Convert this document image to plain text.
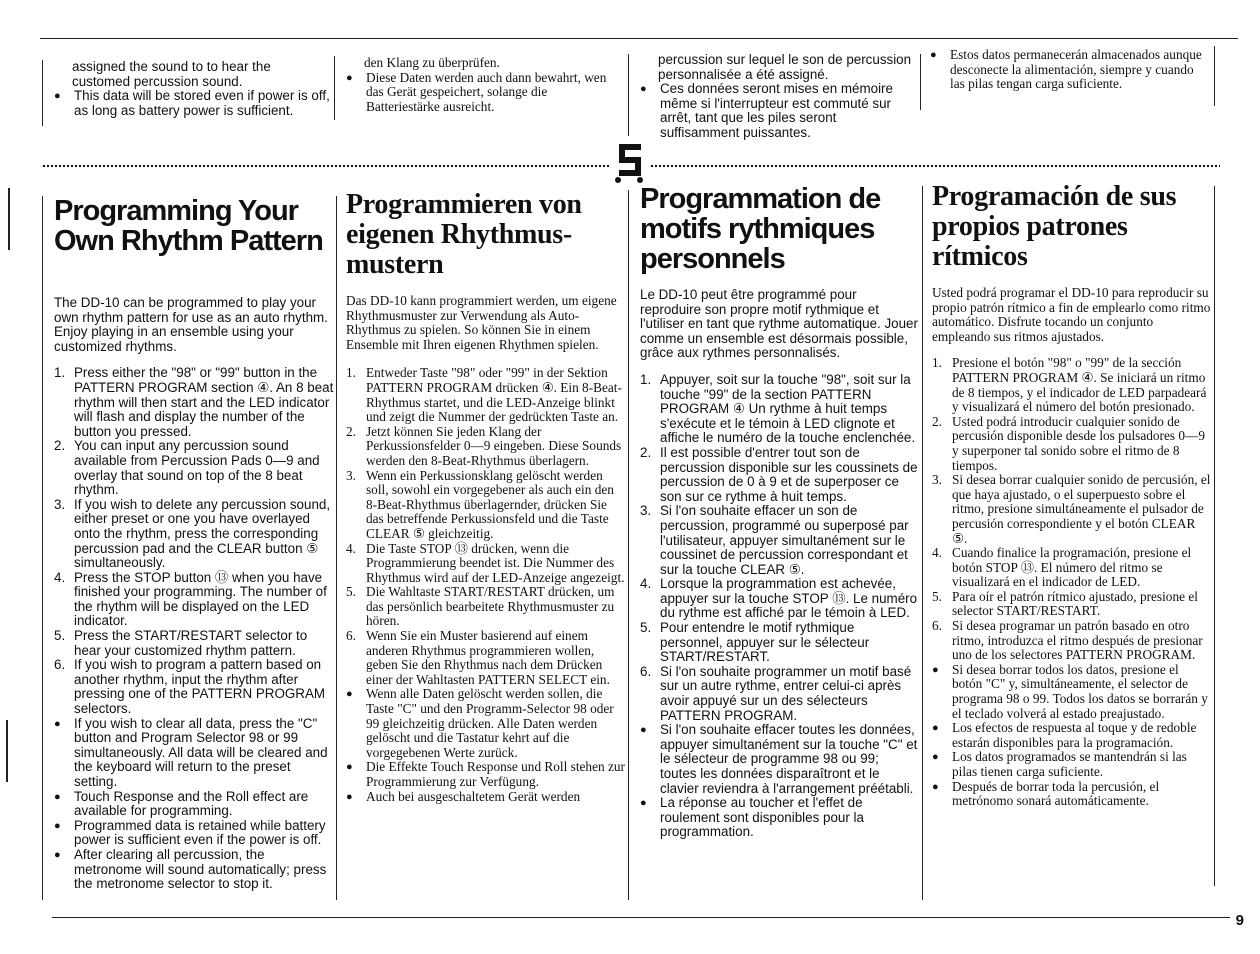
assigned the sound to to hear the customed percussion sound.

● This data will be stored even if power is off, as long as battery power is sufficient.

den Klang zu überprüfen.

● Diese Daten werden auch dann bewahrt, wen das Gerät gespeichert, solange die Batteriestärke ausreicht.

percussion sur lequel le son de percussion personnalisée a été assigné.

● Ces données seront mises en mémoire même si l'interrupteur est commuté sur arrêt, tant que les piles seront suffisamment puissantes.
● Estos datos permanecerán almacenados aunque desconecte la alimentación, siempre y cuando las pilas tengan carga suficiente.
Programming Your Own Rhythm Pattern

The DD-10 can be programmed to play your own rhythm pattern for use as an auto rhythm. Enjoy playing in an ensemble using your customized rhythms.

1. Press either the "98" or "99" button in the PATTERN PROGRAM section ④. An 8 beat rhythm will then start and the LED indicator will flash and display the number of the button you pressed.
2. You can input any percussion sound available from Percussion Pads 0—9 and overlay that sound on top of the 8 beat rhythm.
3. If you wish to delete any percussion sound, either preset or one you have overlayed onto the rhythm, press the corresponding percussion pad and the CLEAR button ⑤ simultaneously.
4. Press the STOP button ⑬ when you have finished your programming. The number of the rhythm will be displayed on the LED indicator.
5. Press the START/RESTART selector to hear your customized rhythm pattern.
6. If you wish to program a pattern based on another rhythm, input the rhythm after pressing one of the PATTERN PROGRAM selectors.
● If you wish to clear all data, press the "C" button and Program Selector 98 or 99 simultaneously. All data will be cleared and the keyboard will return to the preset setting.
● Touch Response and the Roll effect are available for programming.
● Programmed data is retained while battery power is sufficient even if the power is off.
● After clearing all percussion, the metronome will sound automatically; press the metronome selector to stop it.
Programmieren von eigenen Rhythmus-mustern

Das DD-10 kann programmiert werden, um eigene Rhythmusmuster zur Verwendung als Auto-Rhythmus zu spielen. So können Sie in einem Ensemble mit Ihren eigenen Rhythmen spielen.

1. Entweder Taste "98" oder "99" in der Sektion PATTERN PROGRAM drücken ④. Ein 8-Beat-Rhythmus startet, und die LED-Anzeige blinkt und zeigt die Nummer der gedrückten Taste an.
2. Jetzt können Sie jeden Klang der Perkussionsfelder 0—9 eingeben. Diese Sounds werden den 8-Beat-Rhythmus überlagern.
3. Wenn ein Perkussionsklang gelöscht werden soll, sowohl ein vorgegebener als auch ein den 8-Beat-Rhythmus überlagernder, drücken Sie das betreffende Perkussionsfeld und die Taste CLEAR ⑤ gleichzeitig.
4. Die Taste STOP ⑬ drücken, wenn die Programmierung beendet ist. Die Nummer des Rhythmus wird auf der LED-Anzeige angezeigt.
5. Die Wahltaste START/RESTART drücken, um das persönlich bearbeitete Rhythmusmuster zu hören.
6. Wenn Sie ein Muster basierend auf einem anderen Rhythmus programmieren wollen, geben Sie den Rhythmus nach dem Drücken einer der Wahltasten PATTERN SELECT ein.
● Wenn alle Daten gelöscht werden sollen, die Taste "C" und den Programm-Selector 98 oder 99 gleichzeitig drücken. Alle Daten werden gelöscht und die Tastatur kehrt auf die vorgegebenen Werte zurück.
● Die Effekte Touch Response und Roll stehen zur Programmierung zur Verfügung.
● Auch bei ausgeschaltetem Gerät werden
Programmation de motifs rythmiques personnels

Le DD-10 peut être programmé pour reproduire son propre motif rythmique et l'utiliser en tant que rythme automatique. Jouer comme un ensemble est désormais possible, grâce aux rythmes personnalisés.

1. Appuyer, soit sur la touche "98", soit sur la touche "99" de la section PATTERN PROGRAM ④ Un rythme à huit temps s'exécute et le témoin à LED clignote et affiche le numéro de la touche enclenchée.
2. Il est possible d'entrer tout son de percussion disponible sur les coussinets de percussion de 0 à 9 et de superposer ce son sur ce rythme à huit temps.
3. Si l'on souhaite effacer un son de percussion, programmé ou superposé par l'utilisateur, appuyer simultanément sur le coussinet de percussion correspondant et sur la touche CLEAR ⑤.
4. Lorsque la programmation est achevée, appuyer sur la touche STOP ⑬. Le numéro du rythme est affiché par le témoin à LED.
5. Pour entendre le motif rythmique personnel, appuyer sur le sélecteur START/RESTART.
6. Si l'on souhaite programmer un motif basé sur un autre rythme, entrer celui-ci après avoir appuyé sur un des sélecteurs PATTERN PROGRAM.
● Si l'on souhaite effacer toutes les données, appuyer simultanément sur la touche "C" et le sélecteur de programme 98 ou 99; toutes les données disparaîtront et le clavier reviendra à l'arrangement préétabli.
● La réponse au toucher et l'effet de roulement sont disponibles pour la programmation.
Programación de sus propios patrones rítmicos

Usted podrá programar el DD-10 para reproducir su propio patrón rítmico a fin de emplearlo como ritmo automático. Disfrute tocando un conjunto empleando sus ritmos ajustados.

1. Presione el botón "98" o "99" de la sección PATTERN PROGRAM ④. Se iniciará un ritmo de 8 tiempos, y el indicador de LED parpadeará y visualizará el número del botón presionado.
2. Usted podrá introducir cualquier sonido de percusión disponible desde los pulsadores 0—9 y superponer tal sonido sobre el ritmo de 8 tiempos.
3. Si desea borrar cualquier sonido de percusión, el que haya ajustado, o el superpuesto sobre el ritmo, presione simultáneamente el pulsador de percusión correspondiente y el botón CLEAR ⑤.
4. Cuando finalice la programación, presione el botón STOP ⑬. El número del ritmo se visualizará en el indicador de LED.
5. Para oír el patrón rítmico ajustado, presione el selector START/RESTART.
6. Si desea programar un patrón basado en otro ritmo, introduzca el ritmo después de presionar uno de los selectores PATTERN PROGRAM.
● Si desea borrar todos los datos, presione el botón "C" y, simultáneamente, el selector de programa 98 o 99. Todos los datos se borrarán y el teclado volverá al estado preajustado.
● Los efectos de respuesta al toque y de redoble estarán disponibles para la programación.
● Los datos programados se mantendrán si las pilas tienen carga suficiente.
● Después de borrar toda la percusión, el metrónomo sonará automáticamente.
9
